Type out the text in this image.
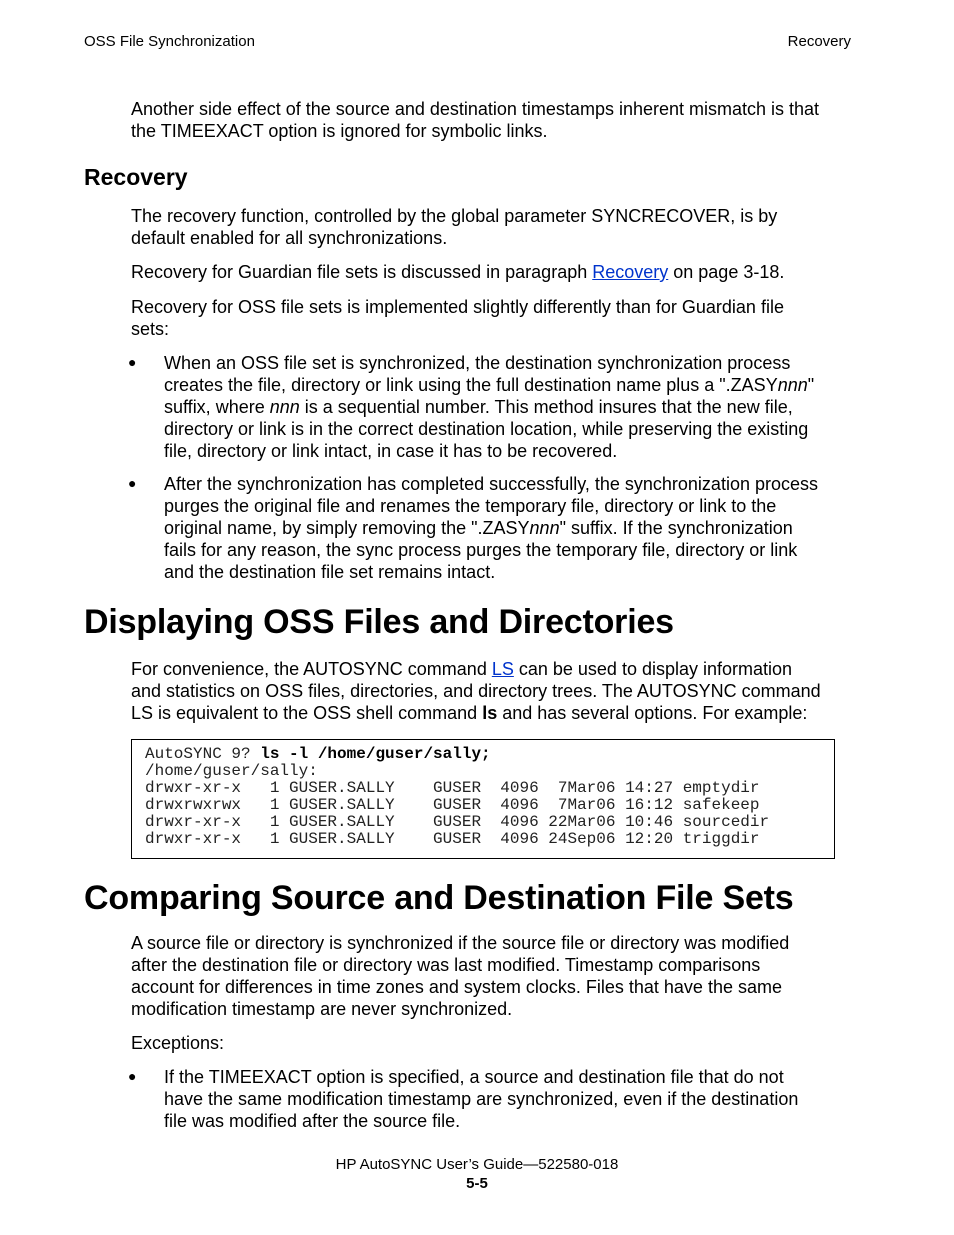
OSS File Synchronization	Recovery
Another side effect of the source and destination timestamps inherent mismatch is that
the TIMEEXACT option is ignored for symbolic links.
Recovery
The recovery function, controlled by the global parameter SYNCRECOVER, is by
default enabled for all synchronizations.
Recovery for Guardian file sets is discussed in paragraph Recovery on page 3-18.
Recovery for OSS file sets is implemented slightly differently than for Guardian file
sets:
● When an OSS file set is synchronized, the destination synchronization process
creates the file, directory or link using the full destination name plus a ".ZASYnnn"
suffix, where nnn is a sequential number. This method insures that the new file,
directory or link is in the correct destination location, while preserving the existing
file, directory or link intact, in case it has to be recovered.
● After the synchronization has completed successfully, the synchronization process
purges the original file and renames the temporary file, directory or link to the
original name, by simply removing the ".ZASYnnn" suffix. If the synchronization
fails for any reason, the sync process purges the temporary file, directory or link
and the destination file set remains intact.
Displaying OSS Files and Directories
For convenience, the AUTOSYNC command LS can be used to display information
and statistics on OSS files, directories, and directory trees. The AUTOSYNC command
LS is equivalent to the OSS shell command ls and has several options. For example:
AutoSYNC 9? ls -l /home/guser/sally;
/home/guser/sally:
drwxr-xr-x   1 GUSER.SALLY    GUSER  4096  7Mar06 14:27 emptydir
drwxrwxrwx   1 GUSER.SALLY    GUSER  4096  7Mar06 16:12 safekeep
drwxr-xr-x   1 GUSER.SALLY    GUSER  4096 22Mar06 10:46 sourcedir
drwxr-xr-x   1 GUSER.SALLY    GUSER  4096 24Sep06 12:20 triggdir
Comparing Source and Destination File Sets
A source file or directory is synchronized if the source file or directory was modified
after the destination file or directory was last modified. Timestamp comparisons
account for differences in time zones and system clocks. Files that have the same
modification timestamp are never synchronized.
Exceptions:
● If the TIMEEXACT option is specified, a source and destination file that do not
have the same modification timestamp are synchronized, even if the destination
file was modified after the source file.
HP AutoSYNC User’s Guide—522580-018
5-5
